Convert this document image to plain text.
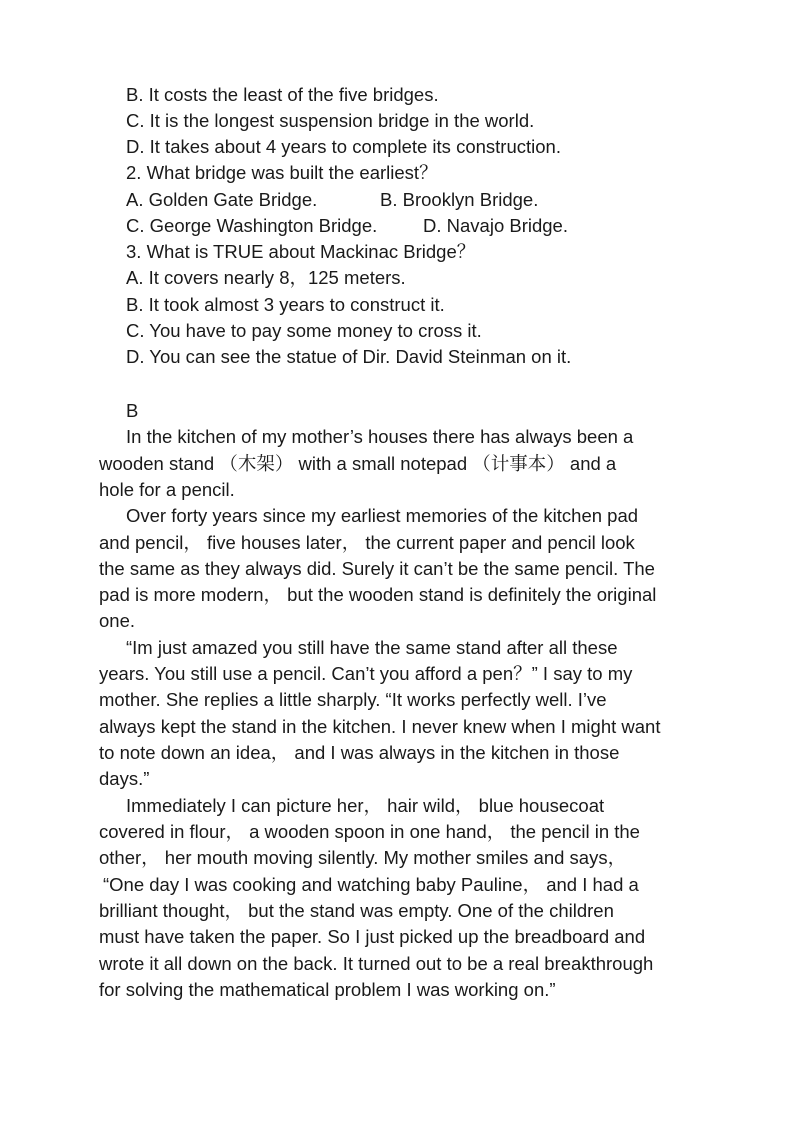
B. It costs the least of the five bridges.
C. It is the longest suspension bridge in the world.
D. It takes about 4 years to complete its construction.
2. What bridge was built the earliest？
A. Golden Gate Bridge.	B. Brooklyn Bridge.
C. George Washington Bridge. D. Navajo Bridge.
3. What is TRUE about Mackinac Bridge？
A. It covers nearly 8，125 meters.
B. It took almost 3 years to construct it.
C. You have to pay some money to cross it.
D. You can see the statue of Dir. David Steinman on it.
B
In the kitchen of my mother’s houses there has always been a
wooden stand （木架） with a small notepad （计事本） and a
hole for a pencil.
Over forty years since my earliest memories of the kitchen pad
and pencil， five houses later， the current paper and pencil look
the same as they always did. Surely it can’t be the same pencil. The
pad is more modern， but the wooden stand is definitely the original
one.
“Im just amazed you still have the same stand after all these
years. You still use a pencil. Can’t you afford a pen？” I say to my
mother. She replies a little sharply. “It works perfectly well. I’ve
always kept the stand in the kitchen. I never knew when I might want
to note down an idea， and I was always in the kitchen in those
days.”
Immediately I can picture her， hair wild， blue housecoat
covered in flour， a wooden spoon in one hand， the pencil in the
other， her mouth moving silently. My mother smiles and says，
“One day I was cooking and watching baby Pauline， and I had a
brilliant thought， but the stand was empty. One of the children
must have taken the paper. So I just picked up the breadboard and
wrote it all down on the back. It turned out to be a real breakthrough
for solving the mathematical problem I was working on.”
